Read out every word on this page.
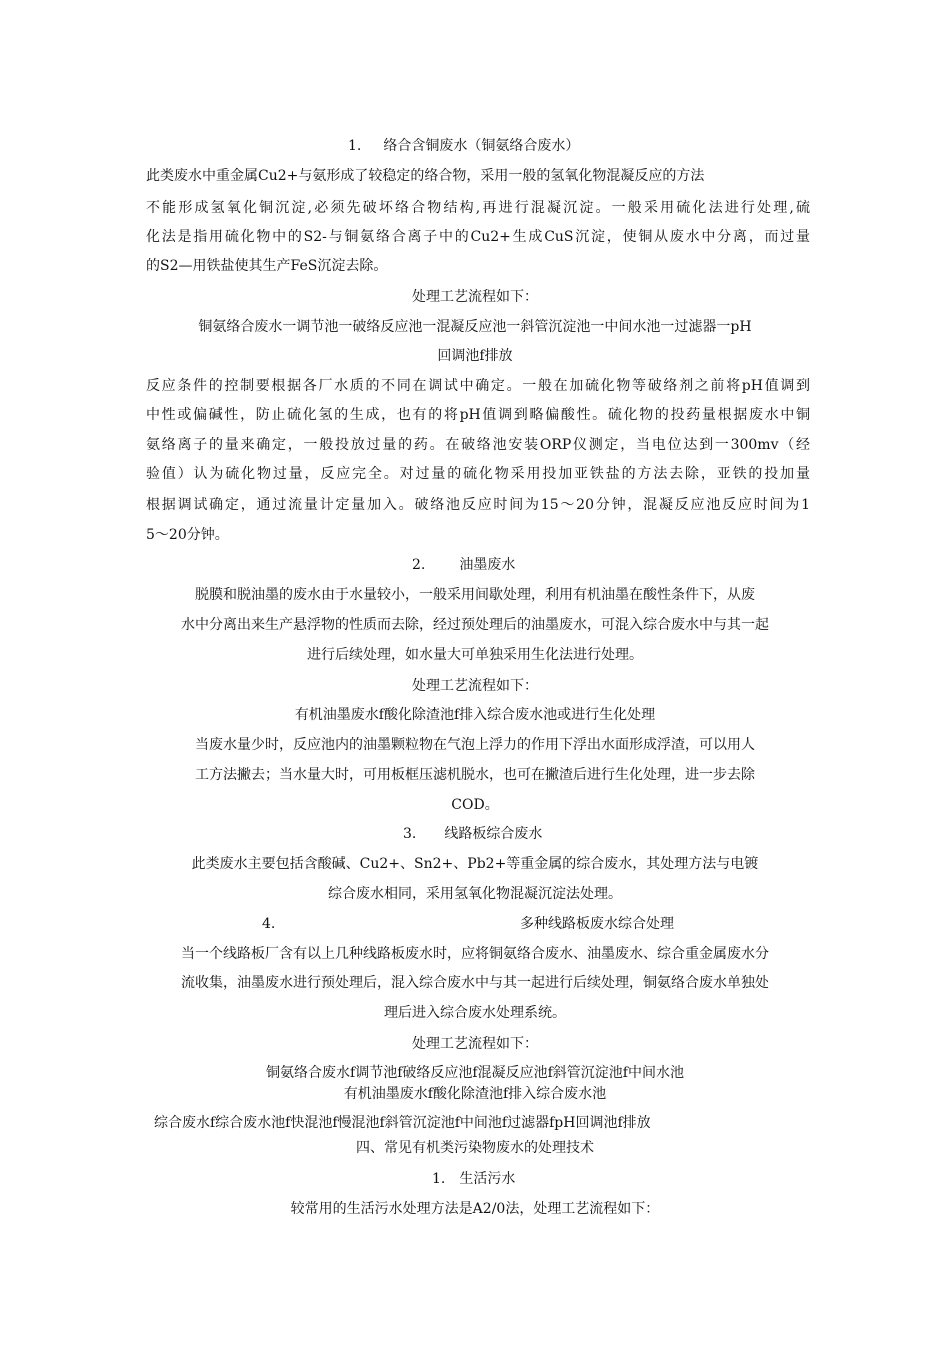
1. 络合含铜废水（铜氨络合废水）
此类废水中重金属Cu2+与氨形成了较稳定的络合物，采用一般的氢氧化物混凝反应的方法
不能形成氢氧化铜沉淀,必须先破坏络合物结构,再进行混凝沉淀。一般采用硫化法进行处理,硫
化法是指用硫化物中的S2-与铜氨络合离子中的Cu2+生成CuS沉淀，使铜从废水中分离，而过量
的S2—用铁盐使其生产FeS沉淀去除。
处理工艺流程如下：
铜氨络合废水一调节池一破络反应池一混凝反应池一斜管沉淀池一中间水池一过滤器一pH
回调池f排放
反应条件的控制要根据各厂水质的不同在调试中确定。一般在加硫化物等破络剂之前将pH值调到
中性或偏碱性，防止硫化氢的生成，也有的将pH值调到略偏酸性。硫化物的投药量根据废水中铜
氨络离子的量来确定，一般投放过量的药。在破络池安装ORP仪测定，当电位达到一300mv（经
验值）认为硫化物过量，反应完全。对过量的硫化物采用投加亚铁盐的方法去除，亚铁的投加量
根据调试确定，通过流量计定量加入。破络池反应时间为15〜20分钟，混凝反应池反应时间为1
5〜20分钟。
2. 油墨废水
脱膜和脱油墨的废水由于水量较小，一般采用间歇处理，利用有机油墨在酸性条件下，从废
水中分离出来生产悬浮物的性质而去除，经过预处理后的油墨废水，可混入综合废水中与其一起
进行后续处理，如水量大可单独采用生化法进行处理。
处理工艺流程如下：
有机油墨废水f酸化除渣池f排入综合废水池或进行生化处理
当废水量少时，反应池内的油墨颗粒物在气泡上浮力的作用下浮出水面形成浮渣，可以用人
工方法撇去；当水量大时，可用板框压滤机脱水，也可在撇渣后进行生化处理，进一步去除
COD。
3. 线路板综合废水
此类废水主要包括含酸碱、Cu2+、Sn2+、Pb2+等重金属的综合废水，其处理方法与电镀
综合废水相同，采用氢氧化物混凝沉淀法处理。
4.	多种线路板废水综合处理
当一个线路板厂含有以上几种线路板废水时，应将铜氨络合废水、油墨废水、综合重金属废水分
流收集，油墨废水进行预处理后，混入综合废水中与其一起进行后续处理，铜氨络合废水单独处
理后进入综合废水处理系统。
处理工艺流程如下：
铜氨络合废水f调节池f破络反应池f混凝反应池f斜管沉淀池f中间水池
有机油墨废水f酸化除渣池f排入综合废水池
综合废水f综合废水池f快混池f慢混池f斜管沉淀池f中间池f过滤器fpH回调池f排放
四、常见有机类污染物废水的处理技术
1. 生活污水
较常用的生活污水处理方法是A2/0法，处理工艺流程如下：
